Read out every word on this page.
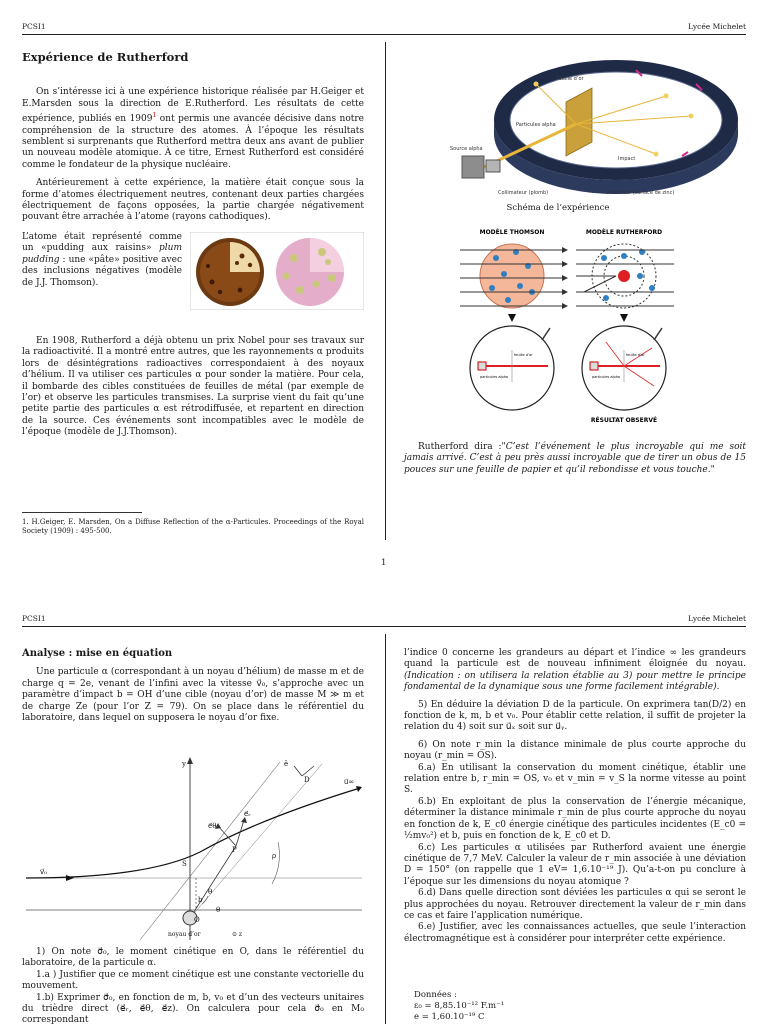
PCSI1	Lycée Michelet
Expérience de Rutherford

On s’intéresse ici à une expérience historique réalisée par H.Geiger et E.Marsden sous la direction de E.Rutherford. Les résultats de cette expérience, publiés en 1909$^1$ ont permis une avancée décisive dans notre compréhension de la structure des atomes. À l’époque les résultats semblent si surprenants que Rutherford mettra deux ans avant de publier un nouveau modèle atomique. À ce titre, Ernest Rutherford est considéré comme le fondateur de la physique nucléaire.

Antérieurement à cette expérience, la matière était conçue sous la forme d’atomes électriquement neutres, contenant deux parties chargées électriquement de façons opposées, la partie chargée négativement pouvant être arrachée à l’atome (rayons cathodiques).

L’atome était représenté comme un «pudding aux raisins» plum pudding : une «pâte» positive avec des inclusions négatives (modèle de J.J. Thomson).

En 1908, Rutherford a déjà obtenu un prix Nobel pour ses travaux sur la radioactivité. Il a montré entre autres, que les rayonnements α produits lors de désintégrations radioactives correspondaient à des noyaux d’hélium. Il va utiliser ces particules α pour sonder la matière. Pour cela, il bombarde des cibles constituées de feuilles de métal (par exemple de l’or) et observe les particules transmises. La surprise vient du fait qu’une petite partie des particules α est rétrodiffusée, et repartent en direction de la source. Ces événements sont incompatibles avec le modèle de l’époque (modèle de J.J.Thomson).

1. H.Geiger, E. Marsden, On a Diffuse Reflection of the α-Particules. Proceedings of the Royal Society (1909) : 495-500.
Feuille d’or
Source alpha
Particules alpha
Collimateur (plomb)	Détecteur (surface de zinc)
Impact
Schéma de l’expérience
MODÈLE THOMSON	MODÈLE RUTHERFORD
feuille d’or
particules alpha
feuille d’or
particules alpha
RÉSULTAT OBSERVÉ

Rutherford dira :"C’est l’événement le plus incroyable qui me soit jamais arrivé. C’est à peu près aussi incroyable que de tirer un obus de 15 pouces sur une feuille de papier et qu’il rebondisse et vous touche."

1
PCSI1	Lycée Michelet
Analyse : mise en équation

Une particule α (correspondant à un noyau d’hélium) de masse m et de charge q = 2e, venant de l’infini avec la vitesse v⃗₀, s’approche avec un paramètre d’impact b = OH d’une cible (noyau d’or) de masse M ≫ m et de charge Ze (pour l’or Z = 79). On se place dans le référentiel du laboratoire, dans lequel on supposera le noyau d’or fixe.

y
v⃗₀
S
P
O
b
θ
θ
D
ρ
e⃗θ
e⃗ᵣ
ê
u⃗∞
noyau d’or	⊙ z

1) On note σ⃗₀, le moment cinétique en O, dans le référentiel du laboratoire, de la particule α.

1.a ) Justifier que ce moment cinétique est une constante vectorielle du mouvement.

1.b) Exprimer σ⃗₀, en fonction de m, b, v₀ et d’un des vecteurs unitaires du trièdre direct (e⃗ᵣ, e⃗θ, e⃗z). On calculera pour cela σ⃗₀ en M₀ correspondant

l’indice 0 concerne les grandeurs au départ et l’indice ∞ les grandeurs quand la particule est de nouveau infiniment éloignée du noyau. (Indication : on utilisera la relation établie au 3) pour mettre le principe fondamental de la dynamique sous une forme facilement intégrable).

5) En déduire la déviation D de la particule. On exprimera tan(D/2) en fonction de k, m, b et v₀. Pour établir cette relation, il suffit de projeter la relation du 4) soit sur u⃗ₓ soit sur u⃗ᵧ.

6) On note r_min la distance minimale de plus courte approche du noyau (r_min = OS).

6.a) En utilisant la conservation du moment cinétique, établir une relation entre b, r_min = OS, v₀ et v_min = v_S la norme vitesse au point S.

6.b) En exploitant de plus la conservation de l’énergie mécanique, déterminer la distance minimale r_min de plus courte approche du noyau en fonction de k, E_c0 énergie cinétique des particules incidentes (E_c0 = ½mv₀²) et b, puis en fonction de k, E_c0 et D.

6.c) Les particules α utilisées par Rutherford avaient une énergie cinétique de 7,7 MeV. Calculer la valeur de r_min associée à une déviation D = 150° (on rappelle que 1 eV= 1,6.10⁻¹⁹ J). Qu’a-t-on pu conclure à l’époque sur les dimensions du noyau atomique ?

6.d) Dans quelle direction sont déviées les particules α qui se seront le plus approchées du noyau. Retrouver directement la valeur de r_min dans ce cas et faire l’application numérique.

6.e) Justifier, avec les connaissances actuelles, que seule l’interaction électromagnétique est à considérer pour interpréter cette expérience.

Données :
ε₀ = 8,85.10⁻¹² F.m⁻¹
e = 1,60.10⁻¹⁹ C
